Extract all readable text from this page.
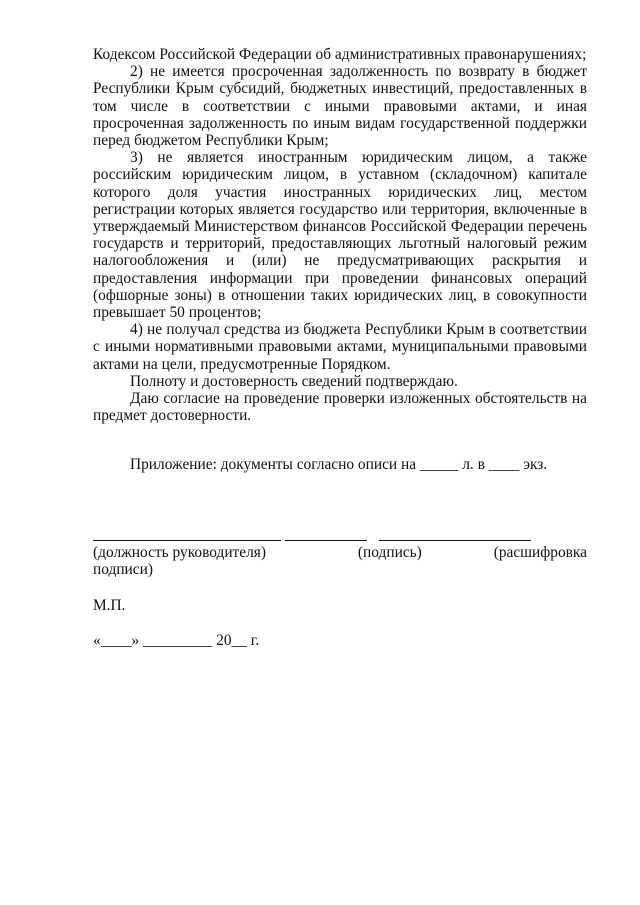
Кодексом Российской Федерации об административных правонарушениях;

2) не имеется просроченная задолженность по возврату в бюджет Республики Крым субсидий, бюджетных инвестиций, предоставленных в том числе в соответствии с иными правовыми актами, и иная просроченная задолженность по иным видам государственной поддержки перед бюджетом Республики Крым;

3) не является иностранным юридическим лицом, а также российским юридическим лицом, в уставном (складочном) капитале которого доля участия иностранных юридических лиц, местом регистрации которых является государство или территория, включенные в утверждаемый Министерством финансов Российской Федерации перечень государств и территорий, предоставляющих льготный налоговый режим налогообложения и (или) не предусматривающих раскрытия и предоставления информации при проведении финансовых операций (офшорные зоны) в отношении таких юридических лиц, в совокупности превышает 50 процентов;

4) не получал средства из бюджета Республики Крым в соответствии с иными нормативными правовыми актами, муниципальными правовыми актами на цели, предусмотренные Порядком.

Полноту и достоверность сведений подтверждаю.

Даю согласие на проведение проверки изложенных обстоятельств на предмет достоверности.

Приложение: документы согласно описи на _____ л. в ____ экз.
(должность руководителя)	(подпись)	(расшифровка
подписи)
М.П.
«____» _________ 20__ г.
